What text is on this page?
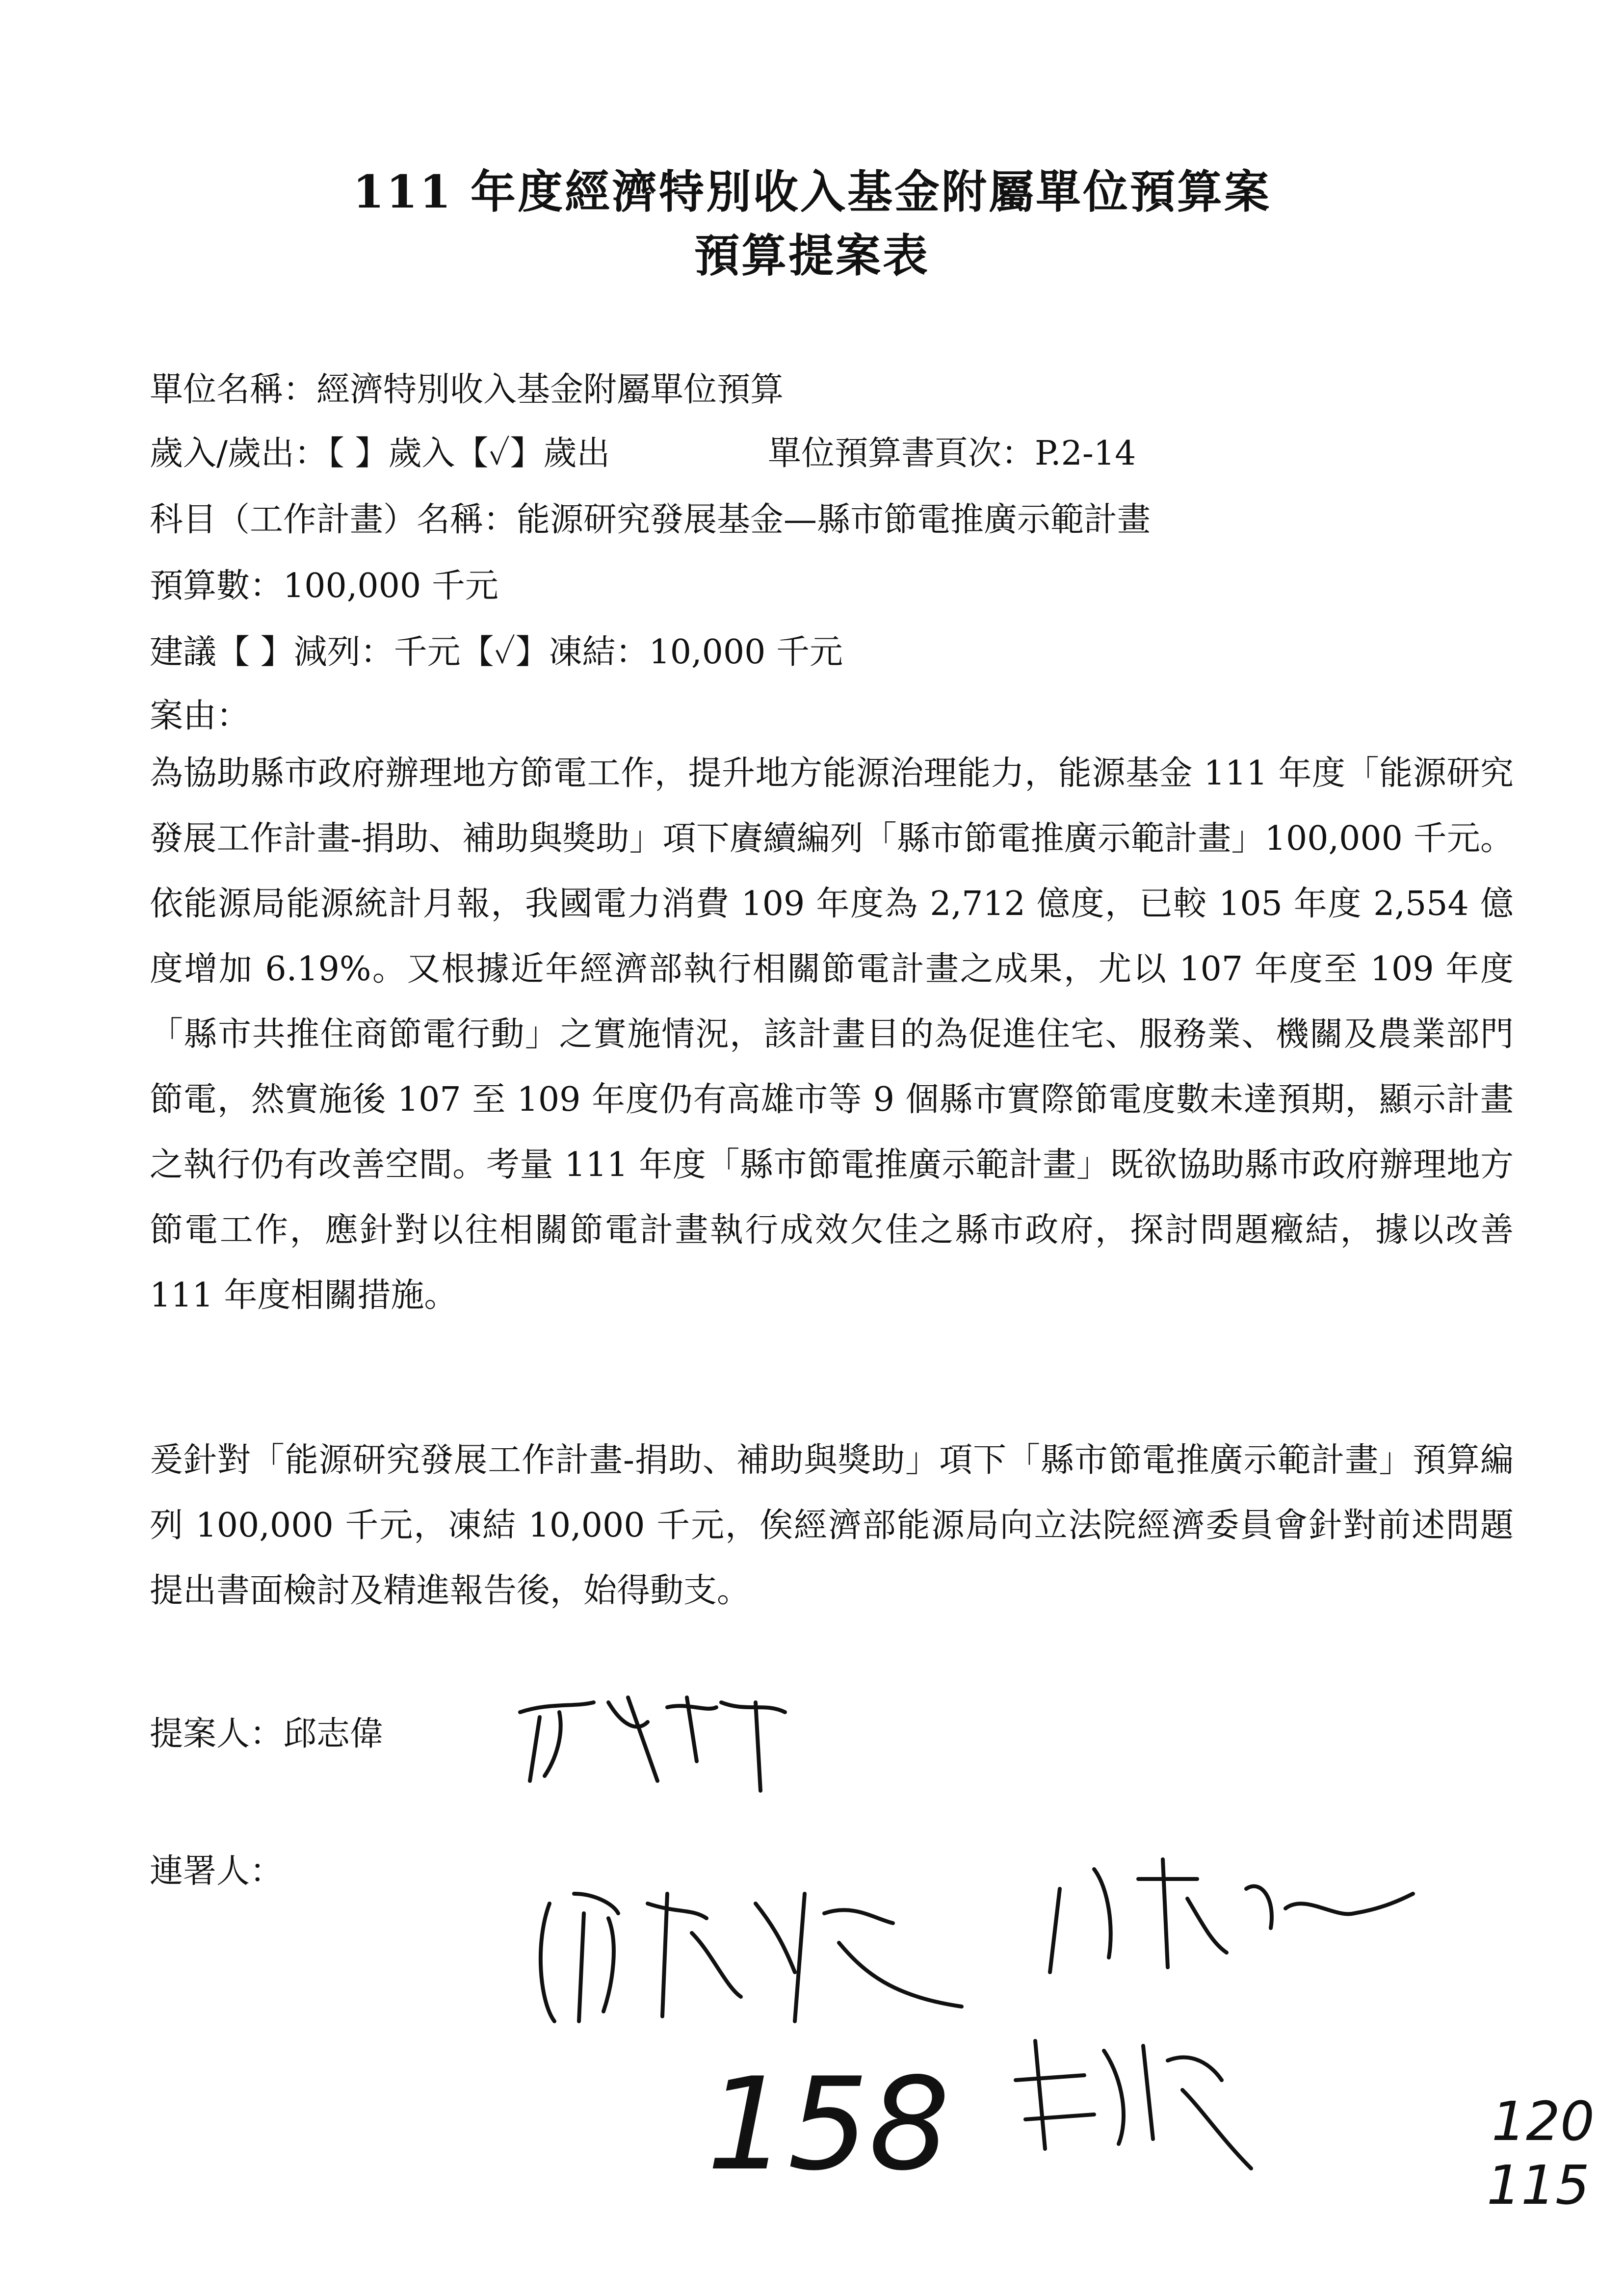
111 年度經濟特別收入基金附屬單位預算案
預算提案表
單位名稱：經濟特別收入基金附屬單位預算
歲入/歲出：【 】歲入【✓】歲出	單位預算書頁次：P.2-14
科目（工作計畫）名稱：能源研究發展基金—縣市節電推廣示範計畫
預算數：100,000 千元
建議【 】減列：千元【✓】凍結：10,000 千元
案由：
為協助縣市政府辦理地方節電工作，提升地方能源治理能力，能源基金 111 年度「能源研究發展工作計畫-捐助、補助與獎助」項下賡續編列「縣市節電推廣示範計畫」100,000 千元。依能源局能源統計月報，我國電力消費 109 年度為 2,712 億度，已較 105 年度 2,554 億度增加 6.19%。又根據近年經濟部執行相關節電計畫之成果，尤以 107 年度至 109 年度「縣市共推住商節電行動」之實施情況，該計畫目的為促進住宅、服務業、機關及農業部門節電，然實施後 107 至 109 年度仍有高雄市等 9 個縣市實際節電度數未達預期，顯示計畫之執行仍有改善空間。考量 111 年度「縣市節電推廣示範計畫」既欲協助縣市政府辦理地方節電工作，應針對以往相關節電計畫執行成效欠佳之縣市政府，探討問題癥結，據以改善 111 年度相關措施。
爰針對「能源研究發展工作計畫-捐助、補助與獎助」項下「縣市節電推廣示範計畫」預算編列 100,000 千元，凍結 10,000 千元，俟經濟部能源局向立法院經濟委員會針對前述問題提出書面檢討及精進報告後，始得動支。
提案人：邱志偉
連署人：
158	120
115
